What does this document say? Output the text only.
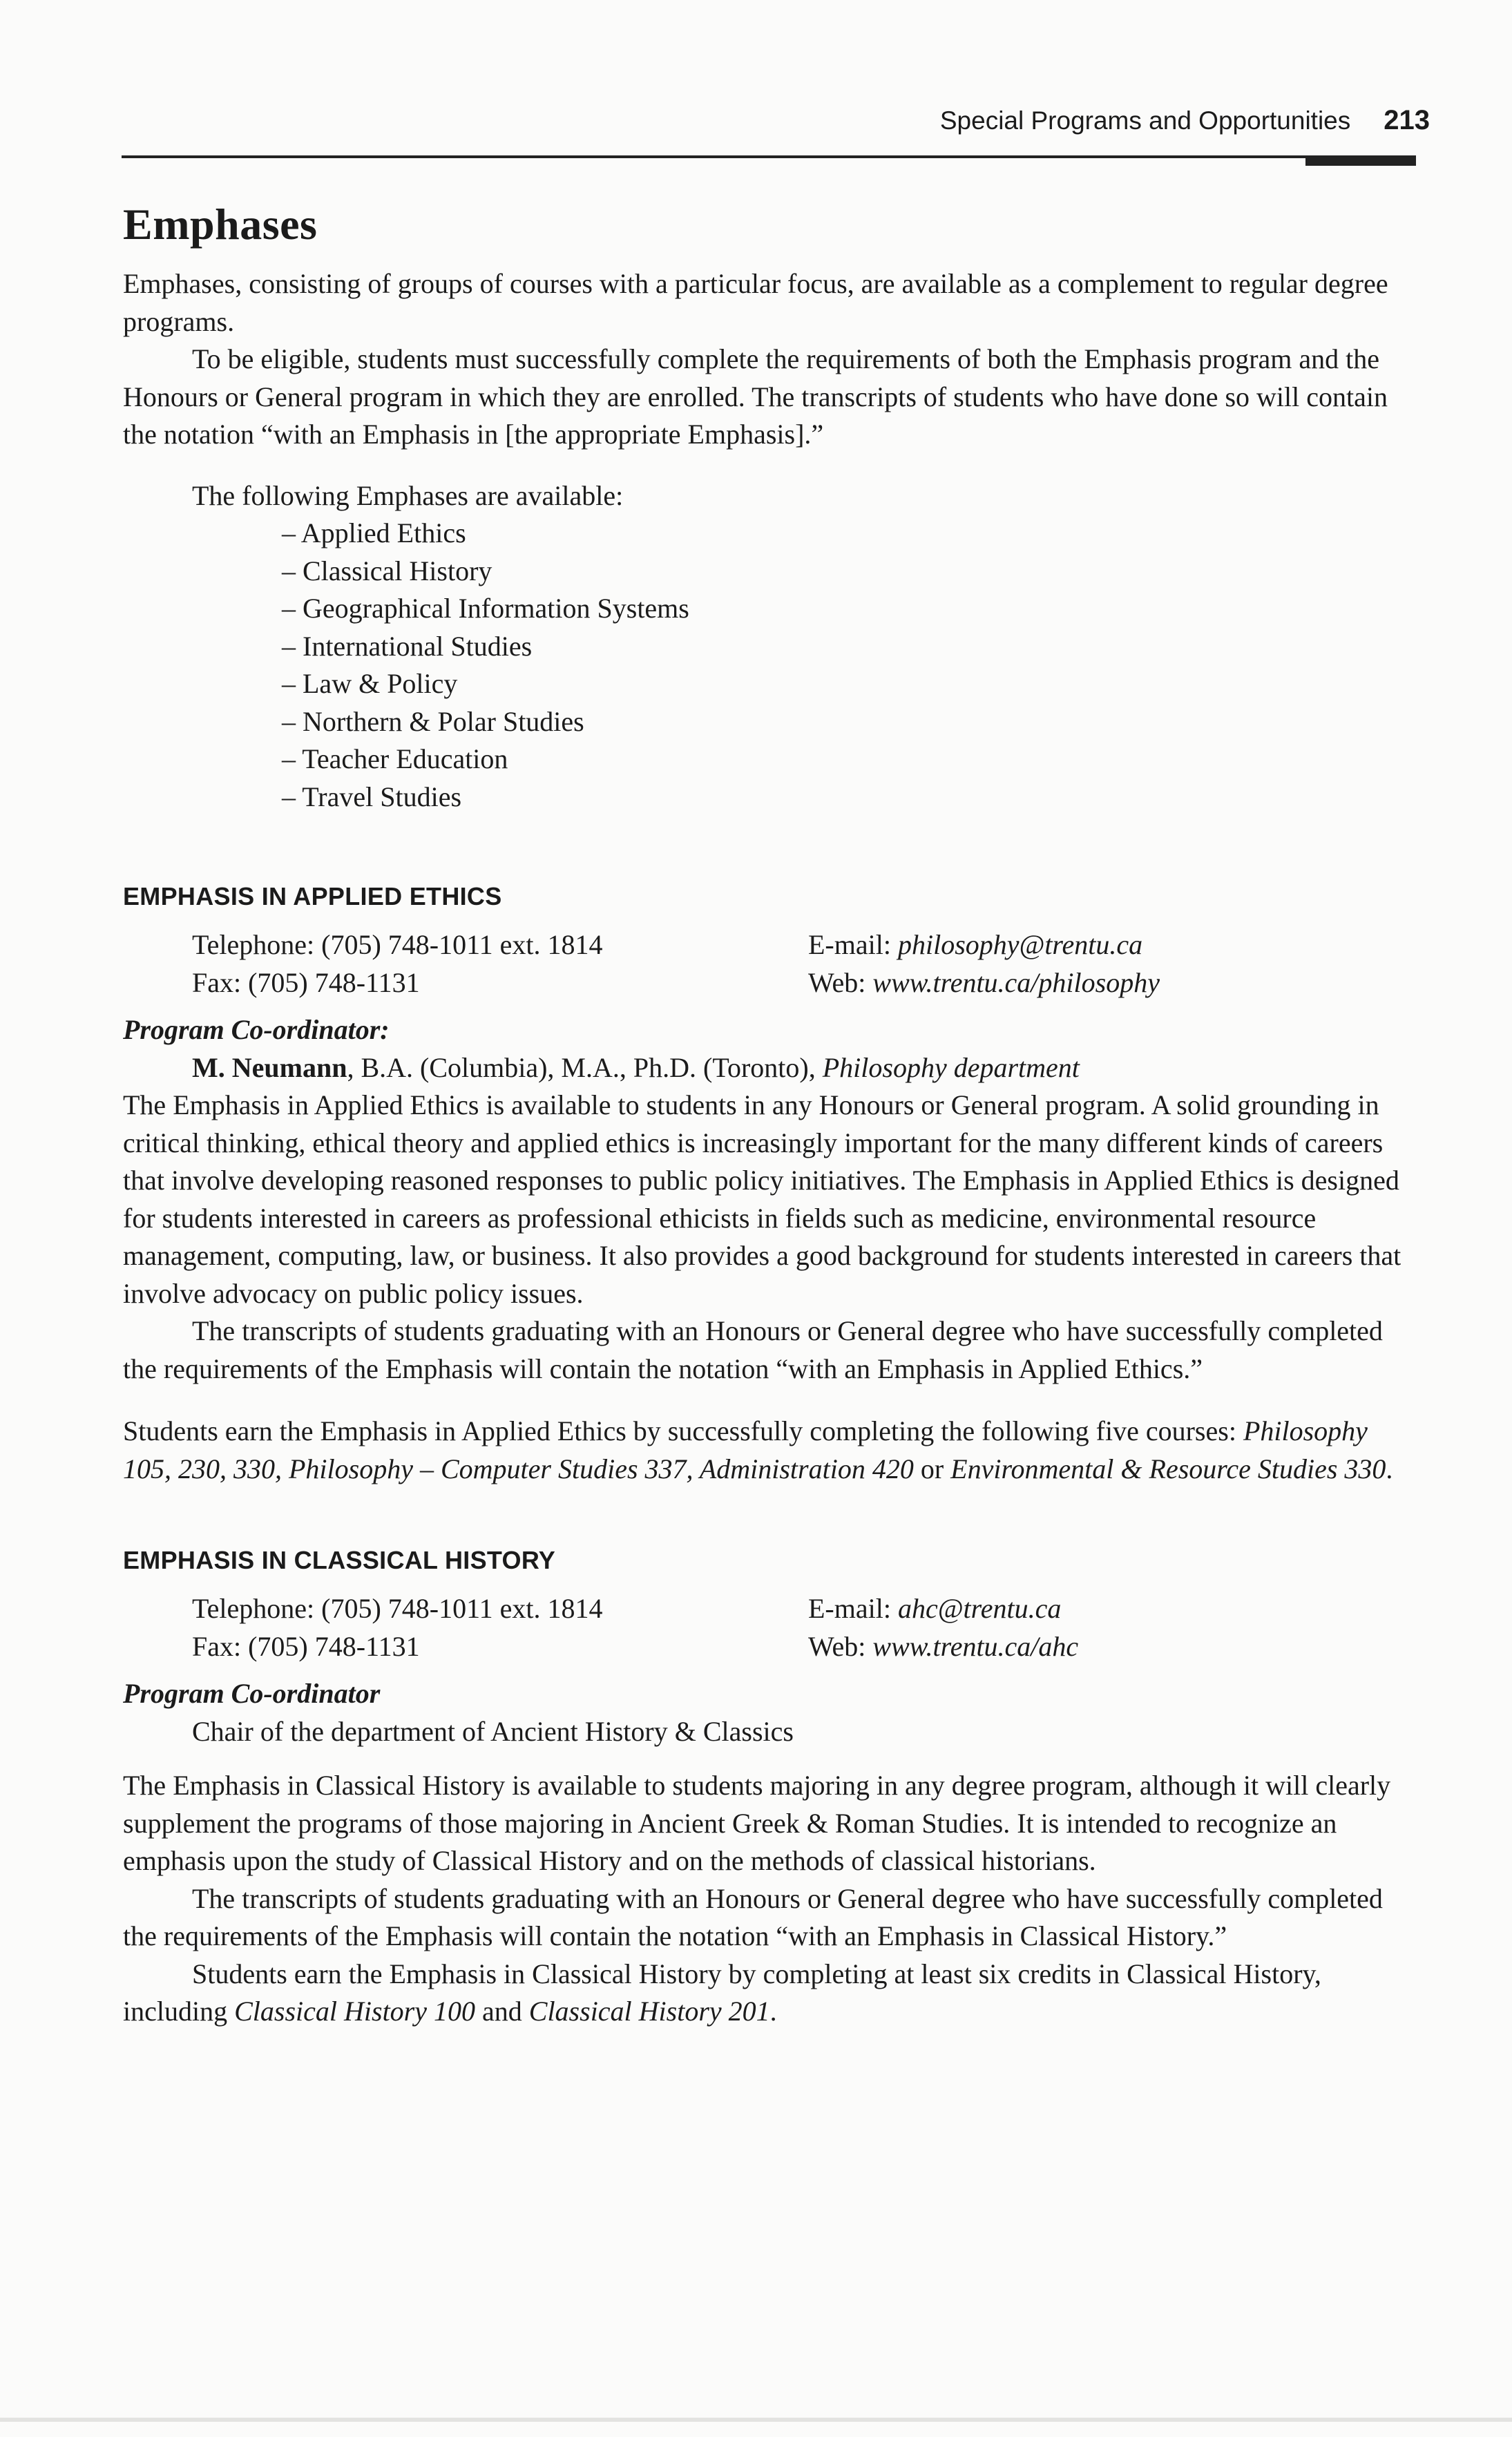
Special Programs and Opportunities 213
Emphases

Emphases, consisting of groups of courses with a particular focus, are available as a complement to regular degree programs.

To be eligible, students must successfully complete the requirements of both the Emphasis program and the Honours or General program in which they are enrolled. The transcripts of students who have done so will contain the notation “with an Emphasis in [the appropriate Emphasis].”

The following Emphases are available:

– Applied Ethics
– Classical History
– Geographical Information Systems
– International Studies
– Law & Policy
– Northern & Polar Studies
– Teacher Education
– Travel Studies
EMPHASIS IN APPLIED ETHICS
Telephone: (705) 748-1011 ext. 1814
Fax: (705) 748-1131
E-mail: philosophy@trentu.ca
Web: www.trentu.ca/philosophy
Program Co-ordinator:
M. Neumann, B.A. (Columbia), M.A., Ph.D. (Toronto), Philosophy department

The Emphasis in Applied Ethics is available to students in any Honours or General program. A solid grounding in critical thinking, ethical theory and applied ethics is increasingly important for the many different kinds of careers that involve developing reasoned responses to public policy initiatives. The Emphasis in Applied Ethics is designed for students interested in careers as professional ethicists in fields such as medicine, environmental resource management, computing, law, or business. It also provides a good background for students interested in careers that involve advocacy on public policy issues.

The transcripts of students graduating with an Honours or General degree who have successfully completed the requirements of the Emphasis will contain the notation “with an Emphasis in Applied Ethics.”

Students earn the Emphasis in Applied Ethics by successfully completing the following five courses: Philosophy 105, 230, 330, Philosophy – Computer Studies 337, Administration 420 or Environmental & Resource Studies 330.

EMPHASIS IN CLASSICAL HISTORY
Telephone: (705) 748-1011 ext. 1814
Fax: (705) 748-1131
E-mail: ahc@trentu.ca
Web: www.trentu.ca/ahc
Program Co-ordinator
Chair of the department of Ancient History & Classics

The Emphasis in Classical History is available to students majoring in any degree program, although it will clearly supplement the programs of those majoring in Ancient Greek & Roman Studies. It is intended to recognize an emphasis upon the study of Classical History and on the methods of classical historians.

The transcripts of students graduating with an Honours or General degree who have successfully completed the requirements of the Emphasis will contain the notation “with an Emphasis in Classical History.”

Students earn the Emphasis in Classical History by completing at least six credits in Classical History, including Classical History 100 and Classical History 201.
